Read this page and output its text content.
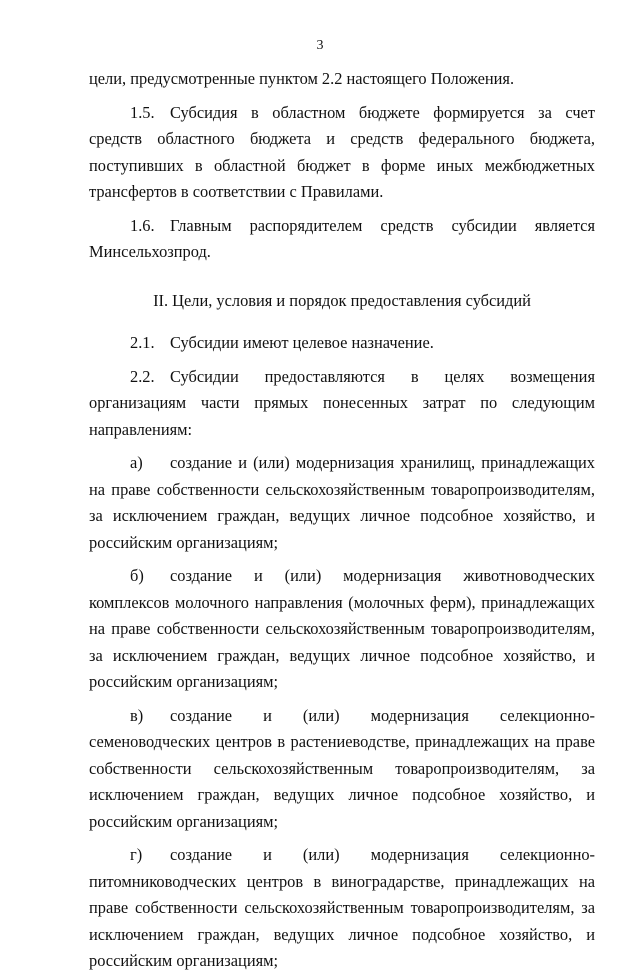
3

цели, предусмотренные пунктом 2.2 настоящего Положения.

1.5. Субсидия в областном бюджете формируется за счет средств областного бюджета и средств федерального бюджета, поступивших в областной бюджет в форме иных межбюджетных трансфертов в соответствии с Правилами.

1.6. Главным распорядителем средств субсидии является Минсельхозпрод.

II. Цели, условия и порядок предоставления субсидий

2.1. Субсидии имеют целевое назначение.

2.2. Субсидии предоставляются в целях возмещения организациям части прямых понесенных затрат по следующим направлениям:

а) создание и (или) модернизация хранилищ, принадлежащих на праве собственности сельскохозяйственным товаропроизводителям, за исключением граждан, ведущих личное подсобное хозяйство, и российским организациям;

б) создание и (или) модернизация животноводческих комплексов молочного направления (молочных ферм), принадлежащих на праве собственности сельскохозяйственным товаропроизводителям, за исключением граждан, ведущих личное подсобное хозяйство, и российским организациям;

в) создание и (или) модернизация селекционно-семеноводческих центров в растениеводстве, принадлежащих на праве собственности сельскохозяйственным товаропроизводителям, за исключением граждан, ведущих личное подсобное хозяйство, и российским организациям;

г) создание и (или) модернизация селекционно-питомниководческих центров в виноградарстве, принадлежащих на праве собственности сельскохозяйственным товаропроизводителям, за исключением граждан, ведущих личное подсобное хозяйство, и российским организациям;
